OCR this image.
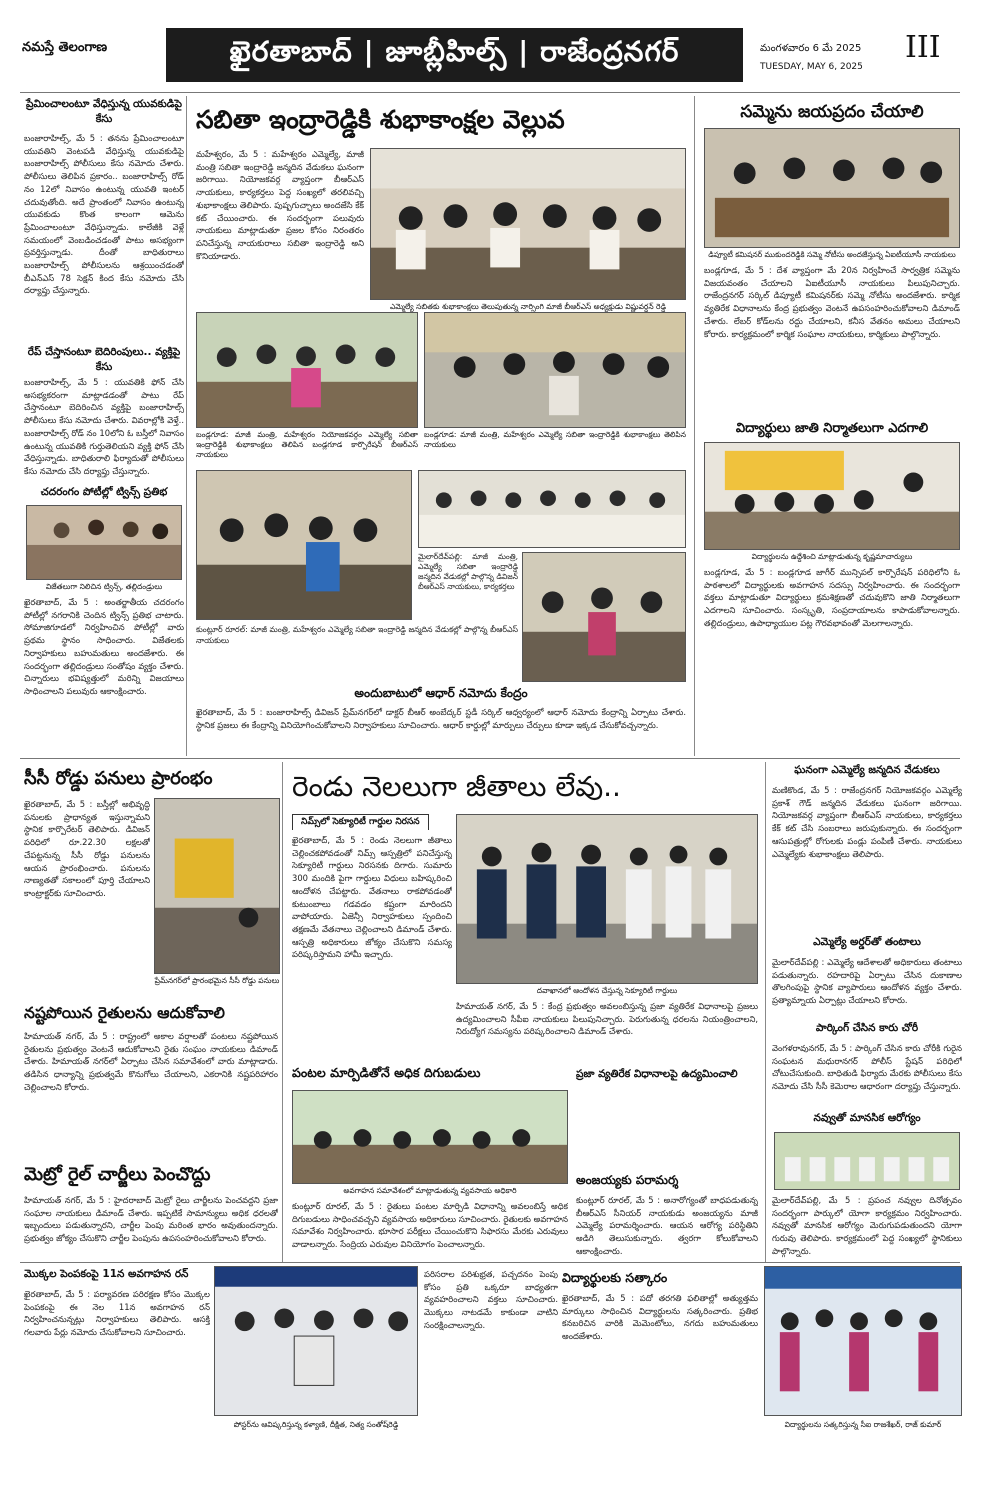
నమస్తే తెలంగాణ	ఖైరతాబాద్ | జూబ్లీహిల్స్ | రాజేంద్రనగర్	మంగళవారం 6 మే 2025
TUESDAY, MAY 6, 2025
III
ప్రేమించాలంటూ వేధిస్తున్న యువకుడిపై కేసు
బంజారాహిల్స్, మే 5 : తనను ప్రేమించాలంటూ యువతిని వెంటపడి వేధిస్తున్న యువకుడిపై బంజారాహిల్స్ పోలీసులు కేసు నమోదు చేశారు. పోలీసులు తెలిపిన ప్రకారం.. బంజారాహిల్స్ రోడ్ నం 12లో నివాసం ఉంటున్న యువతి ఇంటర్ చదువుతోంది. అదే ప్రాంతంలో నివాసం ఉంటున్న యువకుడు కొంత కాలంగా ఆమెను ప్రేమించాలంటూ వేధిస్తున్నాడు. కాలేజీకి వెళ్లే సమయంలో వెంబడించడంతో పాటు అసభ్యంగా ప్రవర్తిస్తున్నాడు. దీంతో బాధితురాలు బంజారాహిల్స్ పోలీసులను ఆశ్రయించడంతో బీఎన్‌ఎస్ 78 సెక్షన్ కింద కేసు నమోదు చేసి దర్యాప్తు చేస్తున్నారు.
రేప్ చేస్తానంటూ బెదిరింపులు.. వ్యక్తిపై కేసు
బంజారాహిల్స్, మే 5 : యువతికి ఫోన్ చేసి అసభ్యకరంగా మాట్లాడడంతో పాటు రేప్ చేస్తానంటూ బెదిరించిన వ్యక్తిపై బంజారాహిల్స్ పోలీసులు కేసు నమోదు చేశారు. వివరాల్లోకి వెళ్తే.. బంజారాహిల్స్ రోడ్ నం 10లోని ఓ బస్తీలో నివాసం ఉంటున్న యువతికి గుర్తుతెలియని వ్యక్తి ఫోన్ చేసి వేధిస్తున్నాడు. బాధితురాలి ఫిర్యాదుతో పోలీసులు కేసు నమోదు చేసి దర్యాప్తు చేస్తున్నారు.
చదరంగం పోటీల్లో ట్విన్స్ ప్రతిభ
విజేతలుగా నిలిచిన ట్విన్స్, తల్లిదండ్రులు
ఖైరతాబాద్, మే 5 : అంతర్జాతీయ చదరంగం పోటీల్లో నగరానికి చెందిన ట్విన్స్ ప్రతిభ చాటారు. సోమాజిగూడలో నిర్వహించిన పోటీల్లో వారు ప్రథమ స్థానం సాధించారు. విజేతలకు నిర్వాహకులు బహుమతులు అందజేశారు. ఈ సందర్భంగా తల్లిదండ్రులు సంతోషం వ్యక్తం చేశారు. చిన్నారులు భవిష్యత్తులో మరిన్ని విజయాలు సాధించాలని పలువురు ఆకాంక్షించారు.
సబితా ఇంద్రారెడ్డికి శుభాకాంక్షల వెల్లువ
మహేశ్వరం, మే 5 : మహేశ్వరం ఎమ్మెల్యే, మాజీ మంత్రి సబితా ఇంద్రారెడ్డి జన్మదిన వేడుకలు ఘనంగా జరిగాయి. నియోజకవర్గ వ్యాప్తంగా బీఆర్‌ఎస్ నాయకులు, కార్యకర్తలు పెద్ద సంఖ్యలో తరలివచ్చి శుభాకాంక్షలు తెలిపారు. పుష్పగుచ్ఛాలు అందజేసి కేక్ కట్ చేయించారు. ఈ సందర్భంగా పలువురు నాయకులు మాట్లాడుతూ ప్రజల కోసం నిరంతరం పనిచేస్తున్న నాయకురాలు సబితా ఇంద్రారెడ్డి అని కొనియాడారు.
ఎమ్మెల్యే సబితకు శుభాకాంక్షలు తెలుపుతున్న నార్సింగి మాజీ బీఆర్‌ఎస్ అధ్యక్షుడు విష్ణువర్ధన్ రెడ్డి
బండ్లగూడ: మాజీ మంత్రి, మహేశ్వరం నియోజకవర్గం ఎమ్మెల్యే సబితా ఇంద్రారెడ్డికి శుభాకాంక్షలు తెలిపిన బండ్లగూడ కార్పొరేషన్ బీఆర్‌ఎస్ నాయకులు
బండ్లగూడ: మాజీ మంత్రి, మహేశ్వరం ఎమ్మెల్యే సబితా ఇంద్రారెడ్డికి శుభాకాంక్షలు తెలిపిన నాయకులు
మైలార్‌దేవ్‌పల్లి: మాజీ మంత్రి, ఎమ్మెల్యే సబితా ఇంద్రారెడ్డి జన్మదిన వేడుకల్లో పాల్గొన్న డివిజన్ బీఆర్‌ఎస్ నాయకులు, కార్యకర్తలు
కుంట్లూర్ రూరల్: మాజీ మంత్రి, మహేశ్వరం ఎమ్మెల్యే సబితా ఇంద్రారెడ్డి జన్మదిన వేడుకల్లో పాల్గొన్న బీఆర్‌ఎస్ నాయకులు
అందుబాటులో ఆధార్ నమోదు కేంద్రం
ఖైరతాబాద్, మే 5 : బంజారాహిల్స్ డివిజన్ ప్రేమ్‌నగర్‌లో డాక్టర్ బీఆర్ అంబేద్కర్ స్టడీ సర్కిల్ ఆధ్వర్యంలో ఆధార్ నమోదు కేంద్రాన్ని ఏర్పాటు చేశారు. స్థానిక ప్రజలు ఈ కేంద్రాన్ని వినియోగించుకోవాలని నిర్వాహకులు సూచించారు. ఆధార్ కార్డుల్లో మార్పులు చేర్పులు కూడా ఇక్కడ చేసుకోవచ్చన్నారు.
సమ్మెను జయప్రదం చేయాలి
డిప్యూటీ కమిషనర్ ముకుందరెడ్డికి సమ్మె నోటీసు అందజేస్తున్న ఏఐటీయూసీ నాయకులు
బండ్లగూడ, మే 5 : దేశ వ్యాప్తంగా మే 20న నిర్వహించే సార్వత్రిక సమ్మెను విజయవంతం చేయాలని ఏఐటీయూసీ నాయకులు పిలుపునిచ్చారు. రాజేంద్రనగర్ సర్కిల్ డిప్యూటీ కమిషనర్‌కు సమ్మె నోటీసు అందజేశారు. కార్మిక వ్యతిరేక విధానాలను కేంద్ర ప్రభుత్వం వెంటనే ఉపసంహరించుకోవాలని డిమాండ్ చేశారు. లేబర్ కోడ్‌లను రద్దు చేయాలని, కనీస వేతనం అమలు చేయాలని కోరారు. కార్యక్రమంలో కార్మిక సంఘాల నాయకులు, కార్మికులు పాల్గొన్నారు.
విద్యార్థులు జాతి నిర్మాతలుగా ఎదగాలి
విద్యార్థులను ఉద్దేశించి మాట్లాడుతున్న కృష్ణమాచార్యులు
బండ్లగూడ, మే 5 : బండ్లగూడ జాగీర్ మున్సిపల్ కార్పొరేషన్ పరిధిలోని ఓ పాఠశాలలో విద్యార్థులకు అవగాహన సదస్సు నిర్వహించారు. ఈ సందర్భంగా వక్తలు మాట్లాడుతూ విద్యార్థులు క్రమశిక్షణతో చదువుకొని జాతి నిర్మాతలుగా ఎదగాలని సూచించారు. సంస్కృతి, సంప్రదాయాలను కాపాడుకోవాలన్నారు. తల్లిదండ్రులు, ఉపాధ్యాయుల పట్ల గౌరవభావంతో మెలగాలన్నారు.
సీసీ రోడ్డు పనులు ప్రారంభం
ఖైరతాబాద్, మే 5 : బస్తీల్లో అభివృద్ధి పనులకు ప్రాధాన్యత ఇస్తున్నామని స్థానిక కార్పొరేటర్ తెలిపారు. డివిజన్ పరిధిలో రూ.22.30 లక్షలతో చేపట్టనున్న సీసీ రోడ్డు పనులను ఆయన ప్రారంభించారు. పనులను నాణ్యతతో సకాలంలో పూర్తి చేయాలని కాంట్రాక్టర్‌కు సూచించారు.
ప్రేమ్‌నగర్‌లో ప్రారంభమైన సీసీ రోడ్డు పనులు
నష్టపోయిన రైతులను ఆదుకోవాలి
హిమాయత్ నగర్, మే 5 : రాష్ట్రంలో అకాల వర్షాలతో పంటలు నష్టపోయిన రైతులను ప్రభుత్వం వెంటనే ఆదుకోవాలని రైతు సంఘం నాయకులు డిమాండ్ చేశారు. హిమాయత్ నగర్‌లో ఏర్పాటు చేసిన సమావేశంలో వారు మాట్లాడారు. తడిసిన ధాన్యాన్ని ప్రభుత్వమే కొనుగోలు చేయాలని, ఎకరానికి నష్టపరిహారం చెల్లించాలని కోరారు.
మెట్రో రైల్ చార్జీలు పెంచొద్దు
హిమాయత్ నగర్, మే 5 : హైదరాబాద్ మెట్రో రైలు చార్జీలను పెంచవద్దని ప్రజా సంఘాల నాయకులు డిమాండ్ చేశారు. ఇప్పటికే సామాన్యులు అధిక ధరలతో ఇబ్బందులు పడుతున్నారని, చార్జీల పెంపు మరింత భారం అవుతుందన్నారు. ప్రభుత్వం జోక్యం చేసుకొని చార్జీల పెంపును ఉపసంహరించుకోవాలని కోరారు.
రెండు నెలలుగా జీతాలు లేవు..
నిమ్స్‌లో సెక్యూరిటీ గార్డుల నిరసన
ఖైరతాబాద్, మే 5 : రెండు నెలలుగా జీతాలు చెల్లించకపోవడంతో నిమ్స్ ఆస్పత్రిలో పనిచేస్తున్న సెక్యూరిటీ గార్డులు నిరసనకు దిగారు. సుమారు 300 మందికి పైగా గార్డులు విధులు బహిష్కరించి ఆందోళన చేపట్టారు. వేతనాలు రాకపోవడంతో కుటుంబాలు గడవడం కష్టంగా మారిందని వాపోయారు. ఏజెన్సీ నిర్వాహకులు స్పందించి తక్షణమే వేతనాలు చెల్లించాలని డిమాండ్ చేశారు. ఆస్పత్రి అధికారులు జోక్యం చేసుకొని సమస్య పరిష్కరిస్తామని హామీ ఇచ్చారు.
దవాఖానలో ఆందోళన చేస్తున్న సెక్యూరిటీ గార్డులు
హిమాయత్ నగర్, మే 5 : కేంద్ర ప్రభుత్వం అవలంబిస్తున్న ప్రజా వ్యతిరేక విధానాలపై ప్రజలు ఉద్యమించాలని సీపీఐ నాయకులు పిలుపునిచ్చారు. పెరుగుతున్న ధరలను నియంత్రించాలని, నిరుద్యోగ సమస్యను పరిష్కరించాలని డిమాండ్ చేశారు.
పంటల మార్పిడితోనే అధిక దిగుబడులు
అవగాహన సమావేశంలో మాట్లాడుతున్న వ్యవసాయ అధికారి
కుంట్లూర్ రూరల్, మే 5 : రైతులు పంటల మార్పిడి విధానాన్ని అవలంబిస్తే అధిక దిగుబడులు సాధించవచ్చని వ్యవసాయ అధికారులు సూచించారు. రైతులకు అవగాహన సమావేశం నిర్వహించారు. భూసార పరీక్షలు చేయించుకొని సిఫారసు మేరకు ఎరువులు వాడాలన్నారు. సేంద్రియ ఎరువుల వినియోగం పెంచాలన్నారు.
ప్రజా వ్యతిరేక విధానాలపై ఉద్యమించాలి
అంజయ్యకు పరామర్శ
కుంట్లూర్ రూరల్, మే 5 : అనారోగ్యంతో బాధపడుతున్న బీఆర్‌ఎస్ సీనియర్ నాయకుడు అంజయ్యను మాజీ ఎమ్మెల్యే పరామర్శించారు. ఆయన ఆరోగ్య పరిస్థితిని అడిగి తెలుసుకున్నారు. త్వరగా కోలుకోవాలని ఆకాంక్షించారు.
ఘనంగా ఎమ్మెల్యే జన్మదిన వేడుకలు
మణికొండ, మే 5 : రాజేంద్రనగర్ నియోజకవర్గం ఎమ్మెల్యే ప్రకాశ్ గౌడ్ జన్మదిన వేడుకలు ఘనంగా జరిగాయి. నియోజకవర్గ వ్యాప్తంగా బీఆర్‌ఎస్ నాయకులు, కార్యకర్తలు కేక్ కట్ చేసి సంబరాలు జరుపుకున్నారు. ఈ సందర్భంగా ఆసుపత్రుల్లో రోగులకు పండ్లు పంపిణీ చేశారు. నాయకులు ఎమ్మెల్యేకు శుభాకాంక్షలు తెలిపారు.
ఎమ్మెల్యే అర్డర్‌తో తంటాలు
మైలార్‌దేవ్‌పల్లి : ఎమ్మెల్యే ఆదేశాలతో అధికారులు తంటాలు పడుతున్నారు. రహదారిపై ఏర్పాటు చేసిన దుకాణాల తొలగింపుపై స్థానిక వ్యాపారులు ఆందోళన వ్యక్తం చేశారు. ప్రత్యామ్నాయ ఏర్పాట్లు చేయాలని కోరారు.
పార్కింగ్ చేసిన కారు చోరీ
వెంగళరావునగర్, మే 5 : పార్కింగ్ చేసిన కారు చోరీకి గురైన సంఘటన మధురానగర్ పోలీస్ స్టేషన్ పరిధిలో చోటుచేసుకుంది. బాధితుడి ఫిర్యాదు మేరకు పోలీసులు కేసు నమోదు చేసి సీసీ కెమెరాల ఆధారంగా దర్యాప్తు చేస్తున్నారు.
నవ్వుతో మానసిక ఆరోగ్యం
మైలార్‌దేవ్‌పల్లి, మే 5 : ప్రపంచ నవ్వుల దినోత్సవం సందర్భంగా పార్కులో యోగా కార్యక్రమం నిర్వహించారు. నవ్వుతో మానసిక ఆరోగ్యం మెరుగుపడుతుందని యోగా గురువు తెలిపారు. కార్యక్రమంలో పెద్ద సంఖ్యలో స్థానికులు పాల్గొన్నారు.
మొక్కల పెంపకంపై 11న అవగాహన రన్
ఖైరతాబాద్, మే 5 : పర్యావరణ పరిరక్షణ కోసం మొక్కల పెంపకంపై ఈ నెల 11న అవగాహన రన్ నిర్వహించనున్నట్లు నిర్వాహకులు తెలిపారు. ఆసక్తి గలవారు పేర్లు నమోదు చేసుకోవాలని సూచించారు.
పోస్టర్‌ను ఆవిష్కరిస్తున్న కళ్యాణి, దీక్షిత, నిత్య సంతోష్‌రెడ్డి
పరిసరాల పరిశుభ్రత, పచ్చదనం పెంపు కోసం ప్రతి ఒక్కరూ బాధ్యతగా వ్యవహరించాలని వక్తలు సూచించారు. మొక్కలు నాటడమే కాకుండా వాటిని సంరక్షించాలన్నారు.
విద్యార్థులకు సత్కారం
ఖైరతాబాద్, మే 5 : పదో తరగతి ఫలితాల్లో అత్యుత్తమ మార్కులు సాధించిన విద్యార్థులను సత్కరించారు. ప్రతిభ కనబరిచిన వారికి మెమెంటోలు, నగదు బహుమతులు అందజేశారు.
విద్యార్థులను సత్కరిస్తున్న సీఐ రాజశేఖర్, రాజ్ కుమార్
